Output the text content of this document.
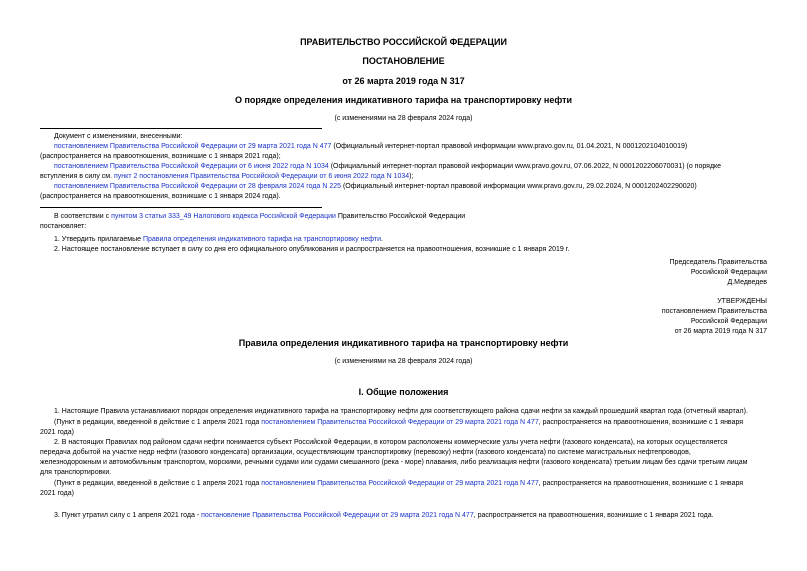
ПРАВИТЕЛЬСТВО РОССИЙСКОЙ ФЕДЕРАЦИИ
ПОСТАНОВЛЕНИЕ
от 26 марта 2019 года N 317
О порядке определения индикативного тарифа на транспортировку нефти
(с изменениями на 28 февраля 2024 года)
Документ с изменениями, внесенными:
постановлением Правительства Российской Федерации от 29 марта 2021 года N 477 (Официальный интернет-портал правовой информации www.pravo.gov.ru, 01.04.2021, N 0001202104010019)
(распространяется на правоотношения, возникшие с 1 января 2021 года);
постановлением Правительства Российской Федерации от 6 июня 2022 года N 1034 (Официальный интернет-портал правовой информации www.pravo.gov.ru, 07.06.2022, N 0001202206070031) (о порядке
вступления в силу см. пункт 2 постановления Правительства Российской Федерации от 6 июня 2022 года N 1034);
постановлением Правительства Российской Федерации от 28 февраля 2024 года N 225 (Официальный интернет-портал правовой информации www.pravo.gov.ru, 29.02.2024, N 0001202402290020)
(распространяется на правоотношения, возникшие с 1 января 2024 года).
В соответствии с пунктом 3 статьи 333_49 Налогового кодекса Российской Федерации Правительство Российской Федерации
постановляет:
1. Утвердить прилагаемые Правила определения индикативного тарифа на транспортировку нефти.
2. Настоящее постановление вступает в силу со дня его официального опубликования и распространяется на правоотношения, возникшие с 1 января 2019 г.
Председатель Правительства
Российской Федерации
Д.Медведев
УТВЕРЖДЕНЫ
постановлением Правительства
Российской Федерации
от 26 марта 2019 года N 317
Правила определения индикативного тарифа на транспортировку нефти
(с изменениями на 28 февраля 2024 года)
I. Общие положения
1. Настоящие Правила устанавливают порядок определения индикативного тарифа на транспортировку нефти для соответствующего района сдачи нефти за каждый прошедший квартал года (отчетный квартал).
(Пункт в редакции, введенной в действие с 1 апреля 2021 года постановлением Правительства Российской Федерации от 29 марта 2021 года N 477, распространяется на правоотношения, возникшие с 1 января
2021 года)
2. В настоящих Правилах под районом сдачи нефти понимается субъект Российской Федерации, в котором расположены коммерческие узлы учета нефти (газового конденсата), на которых осуществляется
передача добытой на участке недр нефти (газового конденсата) организации, осуществляющим транспортировку (перевозку) нефти (газового конденсата) по системе магистральных нефтепроводов,
железнодорожным и автомобильным транспортом, морскими, речными судами или судами смешанного (река - море) плавания, либо реализация нефти (газового конденсата) третьим лицам без сдачи третьим лицам
для транспортировки.
(Пункт в редакции, введенной в действие с 1 апреля 2021 года постановлением Правительства Российской Федерации от 29 марта 2021 года N 477, распространяется на правоотношения, возникшие с 1 января
2021 года)
3. Пункт утратил силу с 1 апреля 2021 года - постановление Правительства Российской Федерации от 29 марта 2021 года N 477, распространяется на правоотношения, возникшие с 1 января 2021 года.
